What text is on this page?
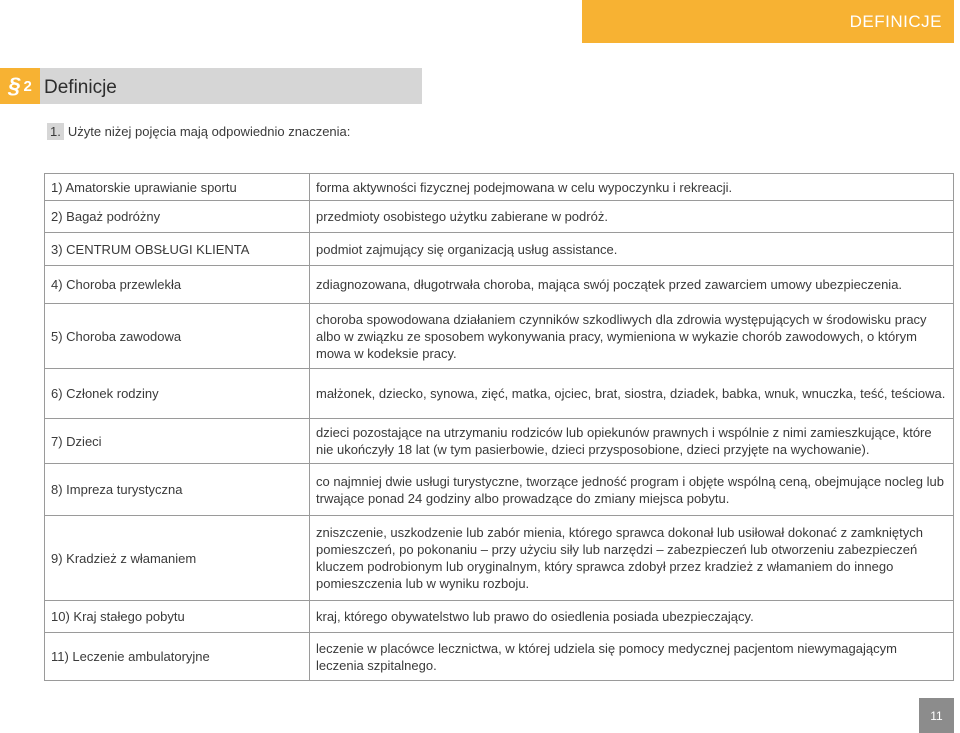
DEFINICJE
§ 2 Definicje
1. Użyte niżej pojęcia mają odpowiednio znaczenia:
1) Amatorskie uprawianie sportu	forma aktywności fizycznej podejmowana w celu wypoczynku i rekreacji.
2) Bagaż podróżny	przedmioty osobistego użytku zabierane w podróż.
3) CENTRUM OBSŁUGI KLIENTA	podmiot zajmujący się organizacją usług assistance.
4) Choroba przewlekła	zdiagnozowana, długotrwała choroba, mająca swój początek przed zawarciem umowy ubezpieczenia.
5) Choroba zawodowa
choroba spowodowana działaniem czynników szkodliwych dla zdrowia występujących w środowisku pracy albo w związku ze sposobem wykonywania pracy, wymieniona w wykazie chorób zawodowych, o którym mowa w kodeksie pracy.
6) Członek rodziny	małżonek, dziecko, synowa, zięć, matka, ojciec, brat, siostra, dziadek, babka, wnuk, wnuczka, teść, teściowa.
7) Dzieci
dzieci pozostające na utrzymaniu rodziców lub opiekunów prawnych i wspólnie z nimi zamieszkujące, które nie ukończyły 18 lat (w tym pasierbowie, dzieci przysposobione, dzieci przyjęte na wychowanie).
8) Impreza turystyczna
co najmniej dwie usługi turystyczne, tworzące jedność program i objęte wspólną ceną, obejmujące nocleg lub trwające ponad 24 godziny albo prowadzące do zmiany miejsca pobytu.
9) Kradzież z włamaniem
zniszczenie, uszkodzenie lub zabór mienia, którego sprawca dokonał lub usiłował dokonać z zamkniętych pomieszczeń, po pokonaniu – przy użyciu siły lub narzędzi – zabezpieczeń lub otworzeniu zabezpieczeń kluczem podrobionym lub oryginalnym, który sprawca zdobył przez kradzież z włamaniem do innego pomieszczenia lub w wyniku rozboju.
10) Kraj stałego pobytu	kraj, którego obywatelstwo lub prawo do osiedlenia posiada ubezpieczający.
11) Leczenie ambulatoryjne
leczenie w placówce lecznictwa, w której udziela się pomocy medycznej pacjentom niewymagającym leczenia szpitalnego.
11
